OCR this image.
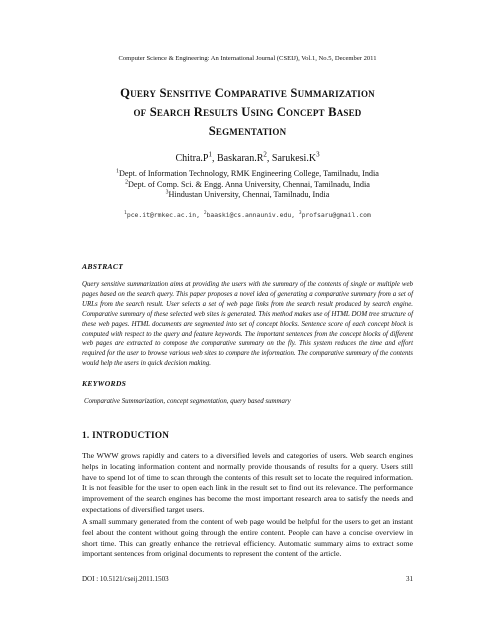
Computer Science & Engineering: An International Journal (CSEIJ), Vol.1, No.5, December 2011
Query Sensitive Comparative Summarization
of Search Results Using Concept Based
Segmentation
$Chitra.P^1$, $Baskaran.R^2$, $Sarukesi.K^3$
$^1$Dept. of Information Technology, RMK Engineering College, Tamilnadu, India
$^2$Dept. of Comp. Sci. & Engg. Anna University, Chennai, Tamilnadu, India
$^3$Hindustan University, Chennai, Tamilnadu, India
$^1$pce.it@rmkec.ac.in, $^2$baaski@cs.annauniv.edu, $^3$profsaru@gmail.com
ABSTRACT
Query sensitive summarization aims at providing the users with the summary of the contents of single or multiple web pages based on the search query. This paper proposes a novel idea of generating a comparative summary from a set of URLs from the search result. User selects a set of web page links from the search result produced by search engine. Comparative summary of these selected web sites is generated. This method makes use of HTML DOM tree structure of these web pages. HTML documents are segmented into set of concept blocks. Sentence score of each concept block is computed with respect to the query and feature keywords. The important sentences from the concept blocks of different web pages are extracted to compose the comparative summary on the fly. This system reduces the time and effort required for the user to browse various web sites to compare the information. The comparative summary of the contents would help the users in quick decision making.
KEYWORDS
Comparative Summarization, concept segmentation, query based summary
1. INTRODUCTION
The WWW grows rapidly and caters to a diversified levels and categories of users. Web search engines helps in locating information content and normally provide thousands of results for a query. Users still have to spend lot of time to scan through the contents of this result set to locate the required information. It is not feasible for the user to open each link in the result set to find out its relevance. The performance improvement of the search engines has become the most important research area to satisfy the needs and expectations of diversified target users.
A small summary generated from the content of web page would be helpful for the users to get an instant feel about the content without going through the entire content. People can have a concise overview in short time. This can greatly enhance the retrieval efficiency. Automatic summary aims to extract some important sentences from original documents to represent the content of the article.
DOI : 10.5121/cseij.2011.1503	31
